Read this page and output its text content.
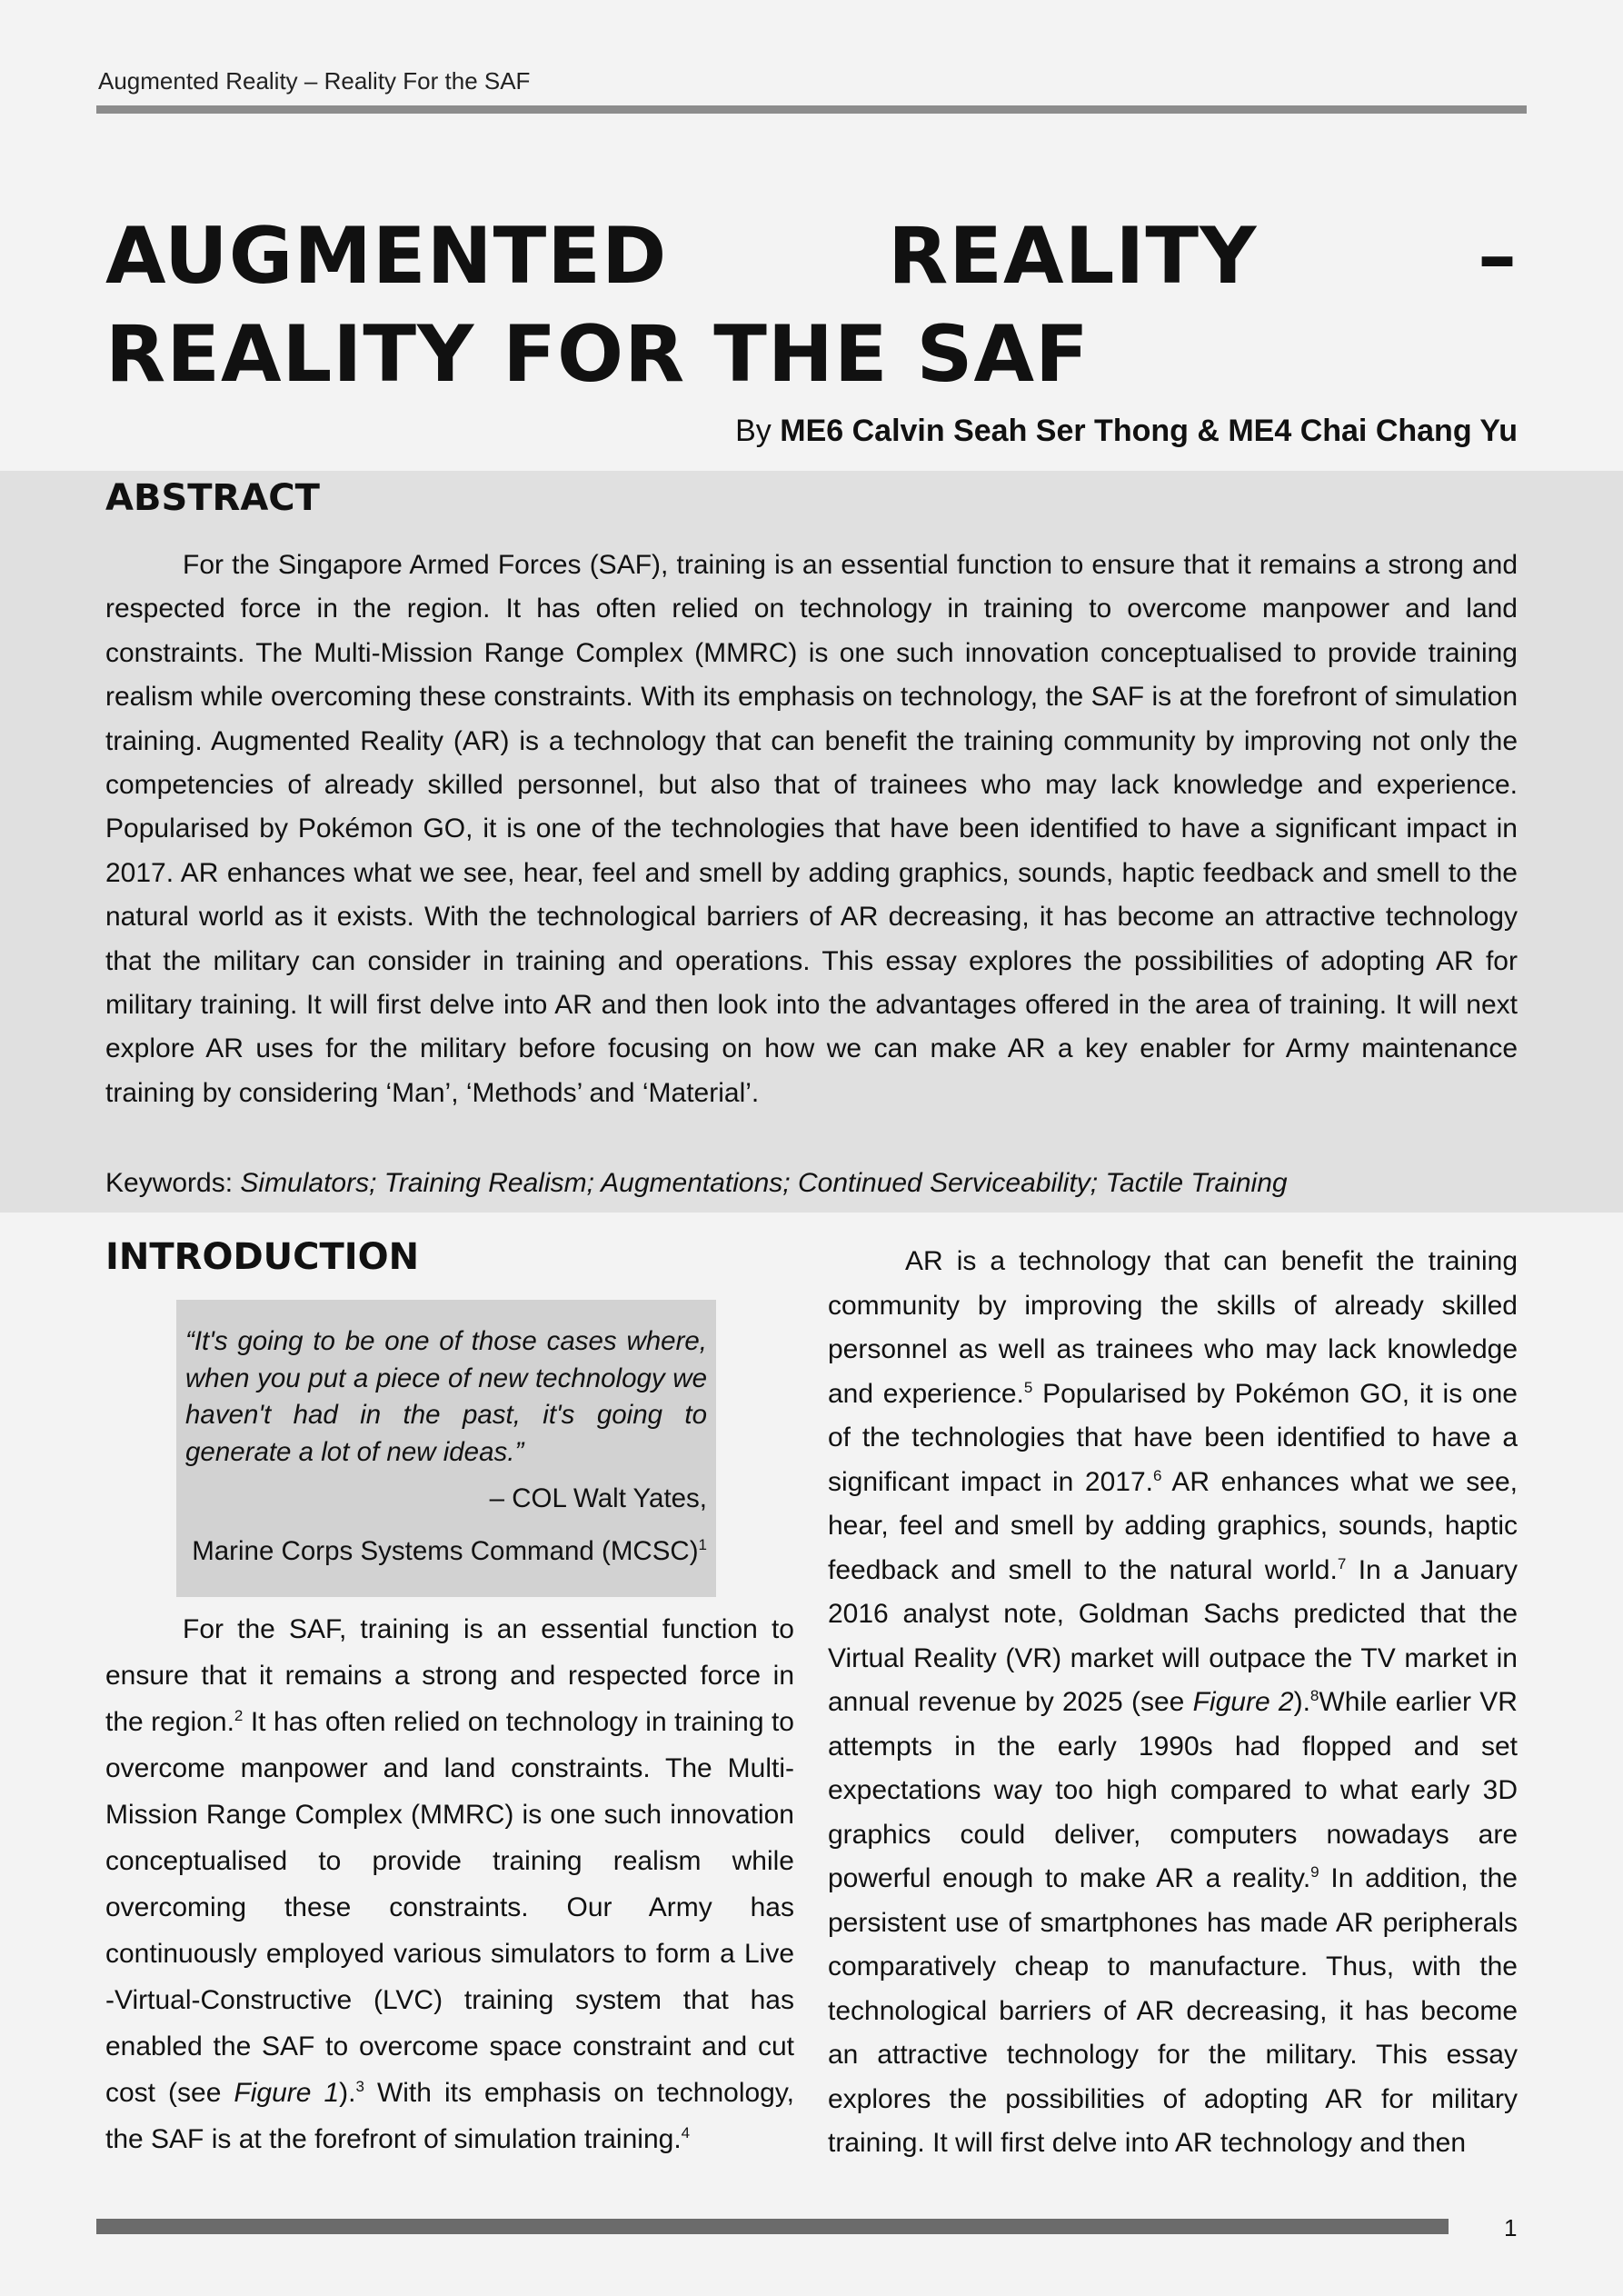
Augmented Reality – Reality For the SAF
AUGMENTED REALITY – REALITY FOR THE SAF
By ME6 Calvin Seah Ser Thong & ME4 Chai Chang Yu
ABSTRACT

For the Singapore Armed Forces (SAF), training is an essential function to ensure that it remains a strong and respected force in the region. It has often relied on technology in training to overcome manpower and land constraints. The Multi-Mission Range Complex (MMRC) is one such innovation conceptualised to provide training realism while overcoming these constraints. With its emphasis on technology, the SAF is at the forefront of simulation training. Augmented Reality (AR) is a technology that can benefit the training community by improving not only the competencies of already skilled personnel, but also that of trainees who may lack knowledge and experience. Popularised by Pokémon GO, it is one of the technologies that have been identified to have a significant impact in 2017. AR enhances what we see, hear, feel and smell by adding graphics, sounds, haptic feedback and smell to the natural world as it exists. With the technological barriers of AR decreasing, it has become an attractive technology that the military can consider in training and operations. This essay explores the possibilities of adopting AR for military training. It will first delve into AR and then look into the advantages offered in the area of training. It will next explore AR uses for the military before focusing on how we can make AR a key enabler for Army maintenance training by considering ‘Man’, ‘Methods’ and ‘Material’.

Keywords: Simulators; Training Realism; Augmentations; Continued Serviceability; Tactile Training
INTRODUCTION

“It's going to be one of those cases where, when you put a piece of new technology we haven't had in the past, it's going to generate a lot of new ideas.”

– COL Walt Yates,

Marine Corps Systems Command (MCSC)$^1$

For the SAF, training is an essential function to ensure that it remains a strong and respected force in the region.$^2$ It has often relied on technology in training to overcome manpower and land constraints. The Multi-Mission Range Complex (MMRC) is one such innovation conceptualised to provide training realism while overcoming these constraints. Our Army has continuously employed various simulators to form a Live -Virtual-Constructive (LVC) training system that has enabled the SAF to overcome space constraint and cut cost (see Figure 1).$^3$ With its emphasis on technology, the SAF is at the forefront of simulation training.$^4$

AR is a technology that can benefit the training community by improving the skills of already skilled personnel as well as trainees who may lack knowledge and experience.$^5$ Popularised by Pokémon GO, it is one of the technologies that have been identified to have a significant impact in 2017.$^6$ AR enhances what we see, hear, feel and smell by adding graphics, sounds, haptic feedback and smell to the natural world.$^7$ In a January 2016 analyst note, Goldman Sachs predicted that the Virtual Reality (VR) market will outpace the TV market in annual revenue by 2025 (see Figure 2).$^8$While earlier VR attempts in the early 1990s had flopped and set expectations way too high compared to what early 3D graphics could deliver, computers nowadays are powerful enough to make AR a reality.$^9$ In addition, the persistent use of smartphones has made AR peripherals comparatively cheap to manufacture. Thus, with the technological barriers of AR decreasing, it has become an attractive technology for the military. This essay explores the possibilities of adopting AR for military training. It will first delve into AR technology and then

1
